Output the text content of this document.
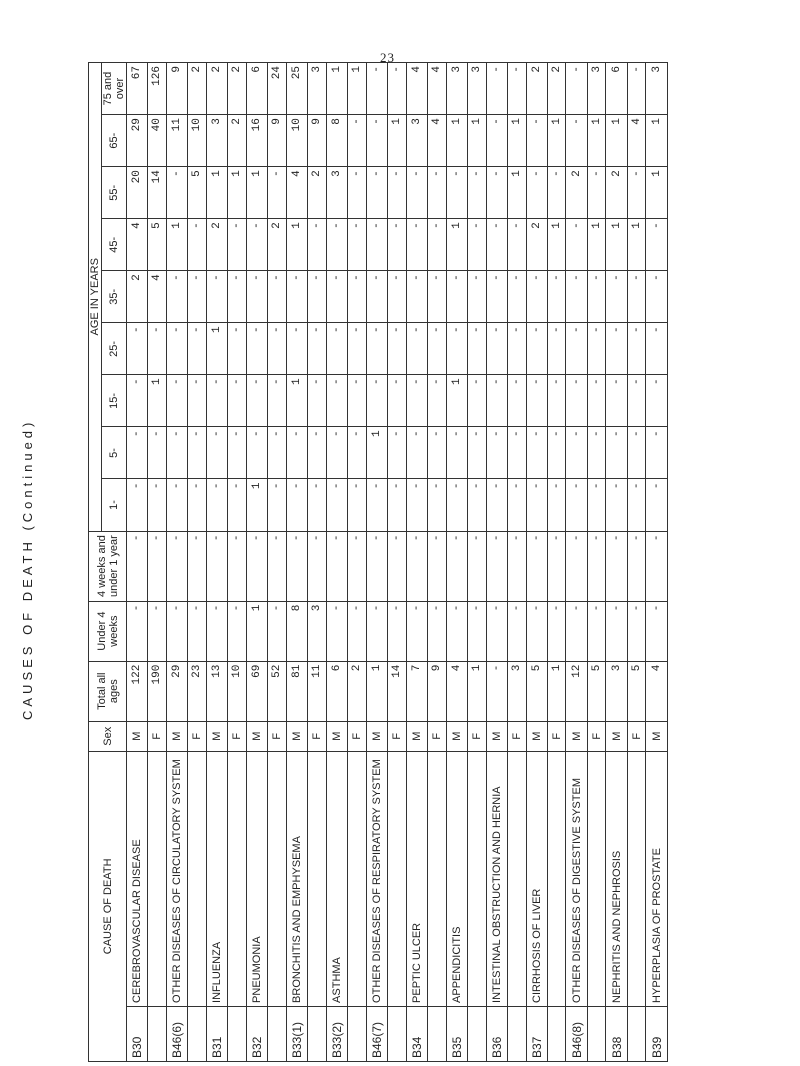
23
CAUSES OF DEATH (Continued)
CAUSE OF DEATH		Sex	Total all ages	Under 4 weeks	4 weeks and under 1 year	AGE IN YEARS								
						1-	5-	15-	25-	35-	45-	55-	65-	75 and over
B30	CEREBROVASCULAR DISEASE	M	122	-	-	-	-	-	-	2	4	20	29	67
		F	190	-	-	-	-	1	-	4	5	14	40	126
B46(6)	OTHER DISEASES OF CIRCULATORY SYSTEM	M	29	-	-	-	-	-	-	-	1	-	11	9
		F	23	-	-	-	-	-	-	-	-	5	10	2
B31	INFLUENZA	M	13	-	-	-	-	-	1	-	2	1	3	2
		F	10	-	-	-	-	-	-	-	-	1	2	2
B32	PNEUMONIA	M	69	1	-	1	-	-	-	-	-	1	16	6
		F	52	-	-	-	-	-	-	-	2	-	9	24
B33(1)	BRONCHITIS AND EMPHYSEMA	M	81	8	-	-	-	1	-	-	1	4	10	25
		F	11	3	-	-	-	-	-	-	-	2	9	3
B33(2)	ASTHMA	M	6	-	-	-	-	-	-	-	-	3	8	1
		F	2	-	-	-	-	-	-	-	-	-	-	1
B46(7)	OTHER DISEASES OF RESPIRATORY SYSTEM	M	1	-	-	-	1	-	-	-	-	-	-	-
		F	14	-	-	-	-	-	-	-	-	-	1	-
B34	PEPTIC ULCER	M	7	-	-	-	-	-	-	-	-	-	3	4
		F	9	-	-	-	-	-	-	-	-	-	4	4
B35	APPENDICITIS	M	4	-	-	-	-	1	-	-	1	-	1	3
		F	1	-	-	-	-	-	-	-	-	-	1	3
B36	INTESTINAL OBSTRUCTION AND HERNIA	M	-	-	-	-	-	-	-	-	-	-	-	-
		F	3	-	-	-	-	-	-	-	-	1	1	-
B37	CIRRHOSIS OF LIVER	M	5	-	-	-	-	-	-	-	2	-	-	2
		F	1	-	-	-	-	-	-	-	1	-	1	2
B46(8)	OTHER DISEASES OF DIGESTIVE SYSTEM	M	12	-	-	-	-	-	-	-	-	2	-	-
		F	5	-	-	-	-	-	-	-	1	-	1	3
B38	NEPHRITIS AND NEPHROSIS	M	3	-	-	-	-	-	-	-	1	2	1	6
		F	5	-	-	-	-	-	-	-	1	-	4	-
B39	HYPERPLASIA OF PROSTATE	M	4	-	-	-	-	-	-	-	-	1	1	3
